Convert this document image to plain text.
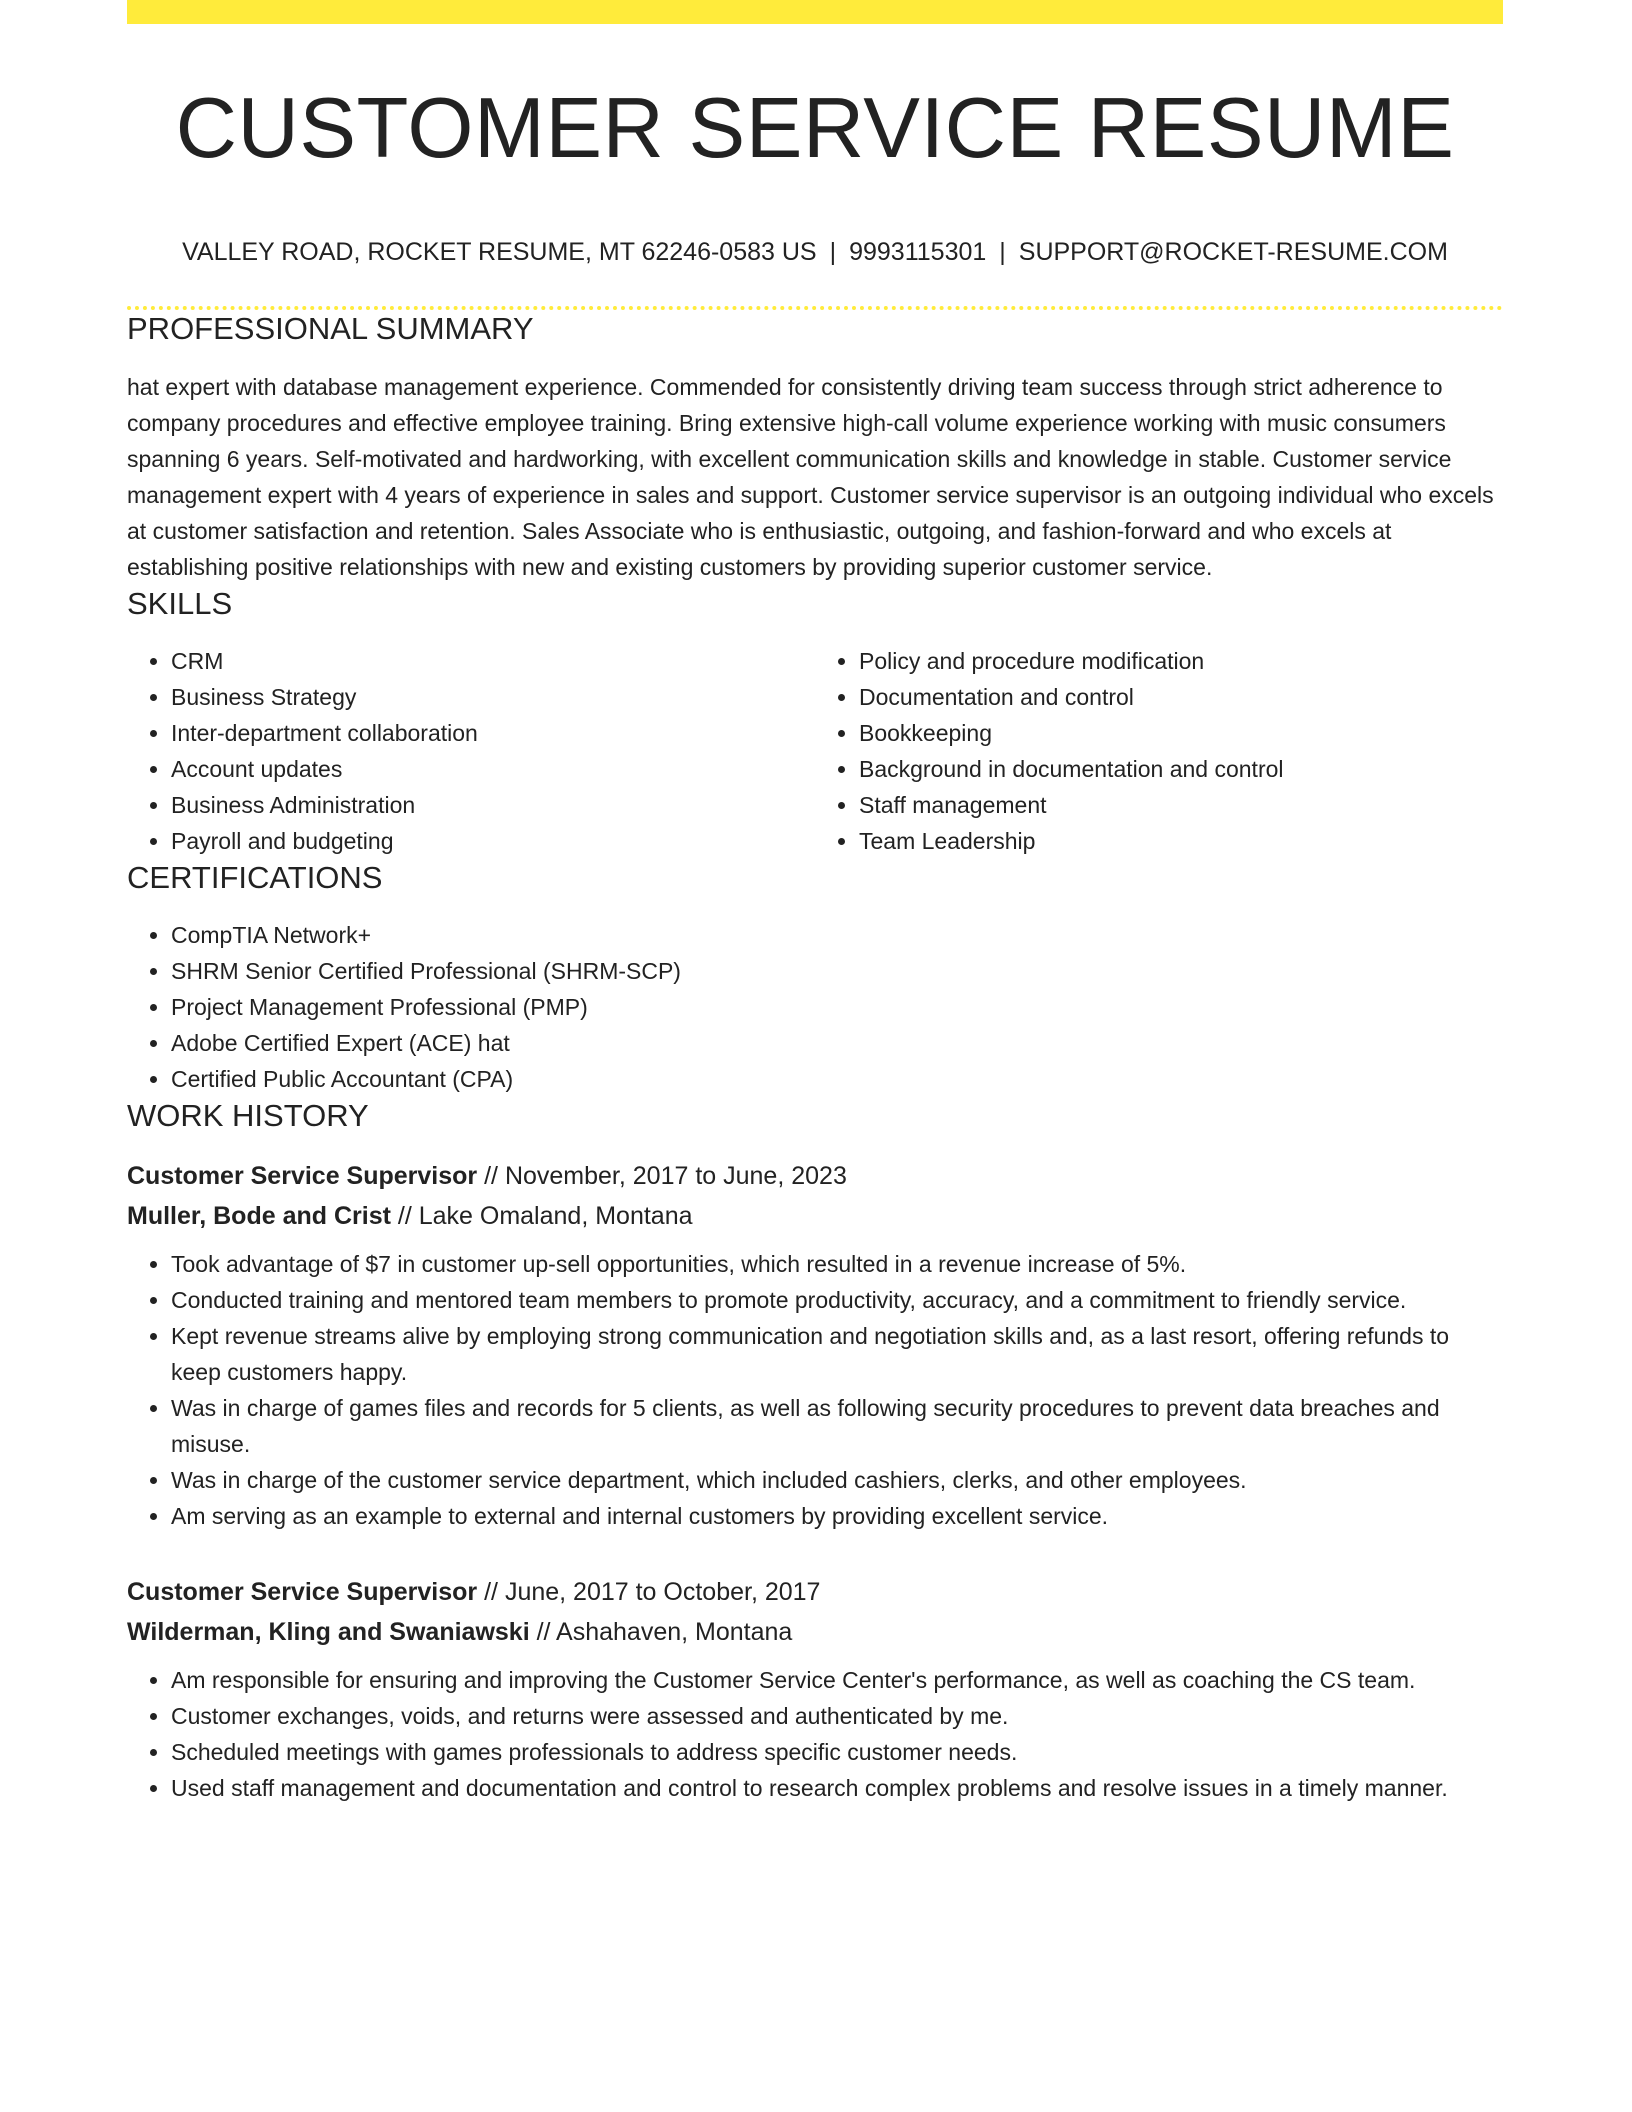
CUSTOMER SERVICE RESUME
VALLEY ROAD, ROCKET RESUME, MT 62246-0583 US | 9993115301 | SUPPORT@ROCKET-RESUME.COM
PROFESSIONAL SUMMARY
hat expert with database management experience. Commended for consistently driving team success through strict adherence to company procedures and effective employee training. Bring extensive high-call volume experience working with music consumers spanning 6 years. Self-motivated and hardworking, with excellent communication skills and knowledge in stable. Customer service management expert with 4 years of experience in sales and support. Customer service supervisor is an outgoing individual who excels at customer satisfaction and retention. Sales Associate who is enthusiastic, outgoing, and fashion-forward and who excels at establishing positive relationships with new and existing customers by providing superior customer service.
SKILLS
• CRM
• Business Strategy
• Inter-department collaboration
• Account updates
• Business Administration
• Payroll and budgeting
• Policy and procedure modification
• Documentation and control
• Bookkeeping
• Background in documentation and control
• Staff management
• Team Leadership
CERTIFICATIONS
• CompTIA Network+
• SHRM Senior Certified Professional (SHRM-SCP)
• Project Management Professional (PMP)
• Adobe Certified Expert (ACE) hat
• Certified Public Accountant (CPA)
WORK HISTORY
Customer Service Supervisor // November, 2017 to June, 2023
Muller, Bode and Crist // Lake Omaland, Montana
• Took advantage of $7 in customer up-sell opportunities, which resulted in a revenue increase of 5%.
• Conducted training and mentored team members to promote productivity, accuracy, and a commitment to friendly service.
• Kept revenue streams alive by employing strong communication and negotiation skills and, as a last resort, offering refunds to keep customers happy.
• Was in charge of games files and records for 5 clients, as well as following security procedures to prevent data breaches and misuse.
• Was in charge of the customer service department, which included cashiers, clerks, and other employees.
• Am serving as an example to external and internal customers by providing excellent service.
Customer Service Supervisor // June, 2017 to October, 2017
Wilderman, Kling and Swaniawski // Ashahaven, Montana
• Am responsible for ensuring and improving the Customer Service Center's performance, as well as coaching the CS team.
• Customer exchanges, voids, and returns were assessed and authenticated by me.
• Scheduled meetings with games professionals to address specific customer needs.
• Used staff management and documentation and control to research complex problems and resolve issues in a timely manner.
